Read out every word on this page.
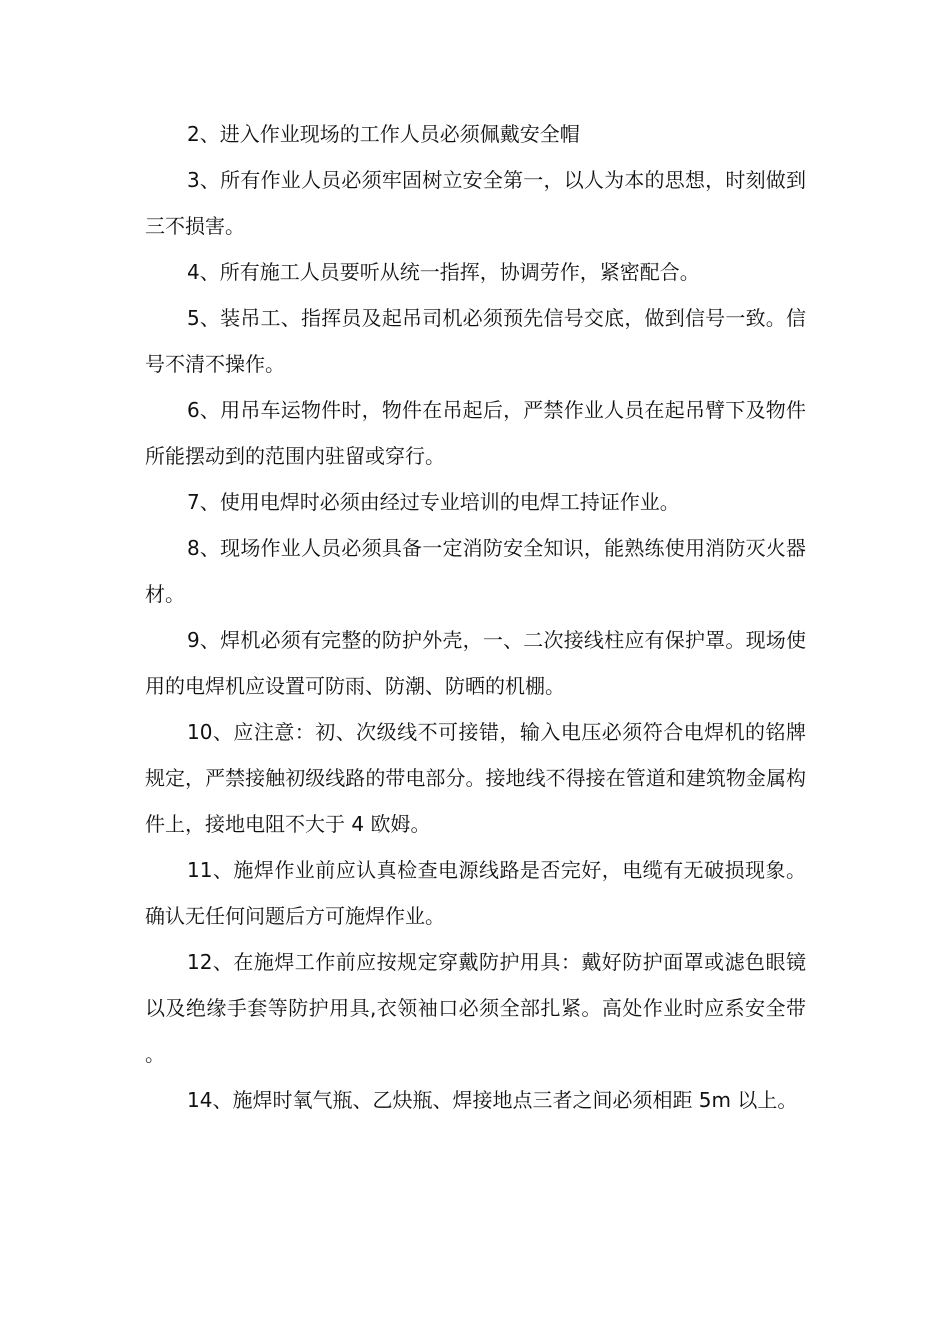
2、进入作业现场的工作人员必须佩戴安全帽

3、所有作业人员必须牢固树立安全第一，以人为本的思想，时刻做到三不损害。

4、所有施工人员要听从统一指挥，协调劳作，紧密配合。

5、装吊工、指挥员及起吊司机必须预先信号交底，做到信号一致。信号不清不操作。

6、用吊车运物件时，物件在吊起后，严禁作业人员在起吊臂下及物件所能摆动到的范围内驻留或穿行。

7、使用电焊时必须由经过专业培训的电焊工持证作业。

8、现场作业人员必须具备一定消防安全知识，能熟练使用消防灭火器材。

9、焊机必须有完整的防护外壳，一、二次接线柱应有保护罩。现场使用的电焊机应设置可防雨、防潮、防晒的机棚。

10、应注意：初、次级线不可接错，输入电压必须符合电焊机的铭牌规定，严禁接触初级线路的带电部分。接地线不得接在管道和建筑物金属构件上，接地电阻不大于 4 欧姆。

11、施焊作业前应认真检查电源线路是否完好，电缆有无破损现象。确认无任何问题后方可施焊作业。

12、在施焊工作前应按规定穿戴防护用具：戴好防护面罩或滤色眼镜以及绝缘手套等防护用具,衣领袖口必须全部扎紧。高处作业时应系安全带。

14、施焊时氧气瓶、乙炔瓶、焊接地点三者之间必须相距 5m 以上。
